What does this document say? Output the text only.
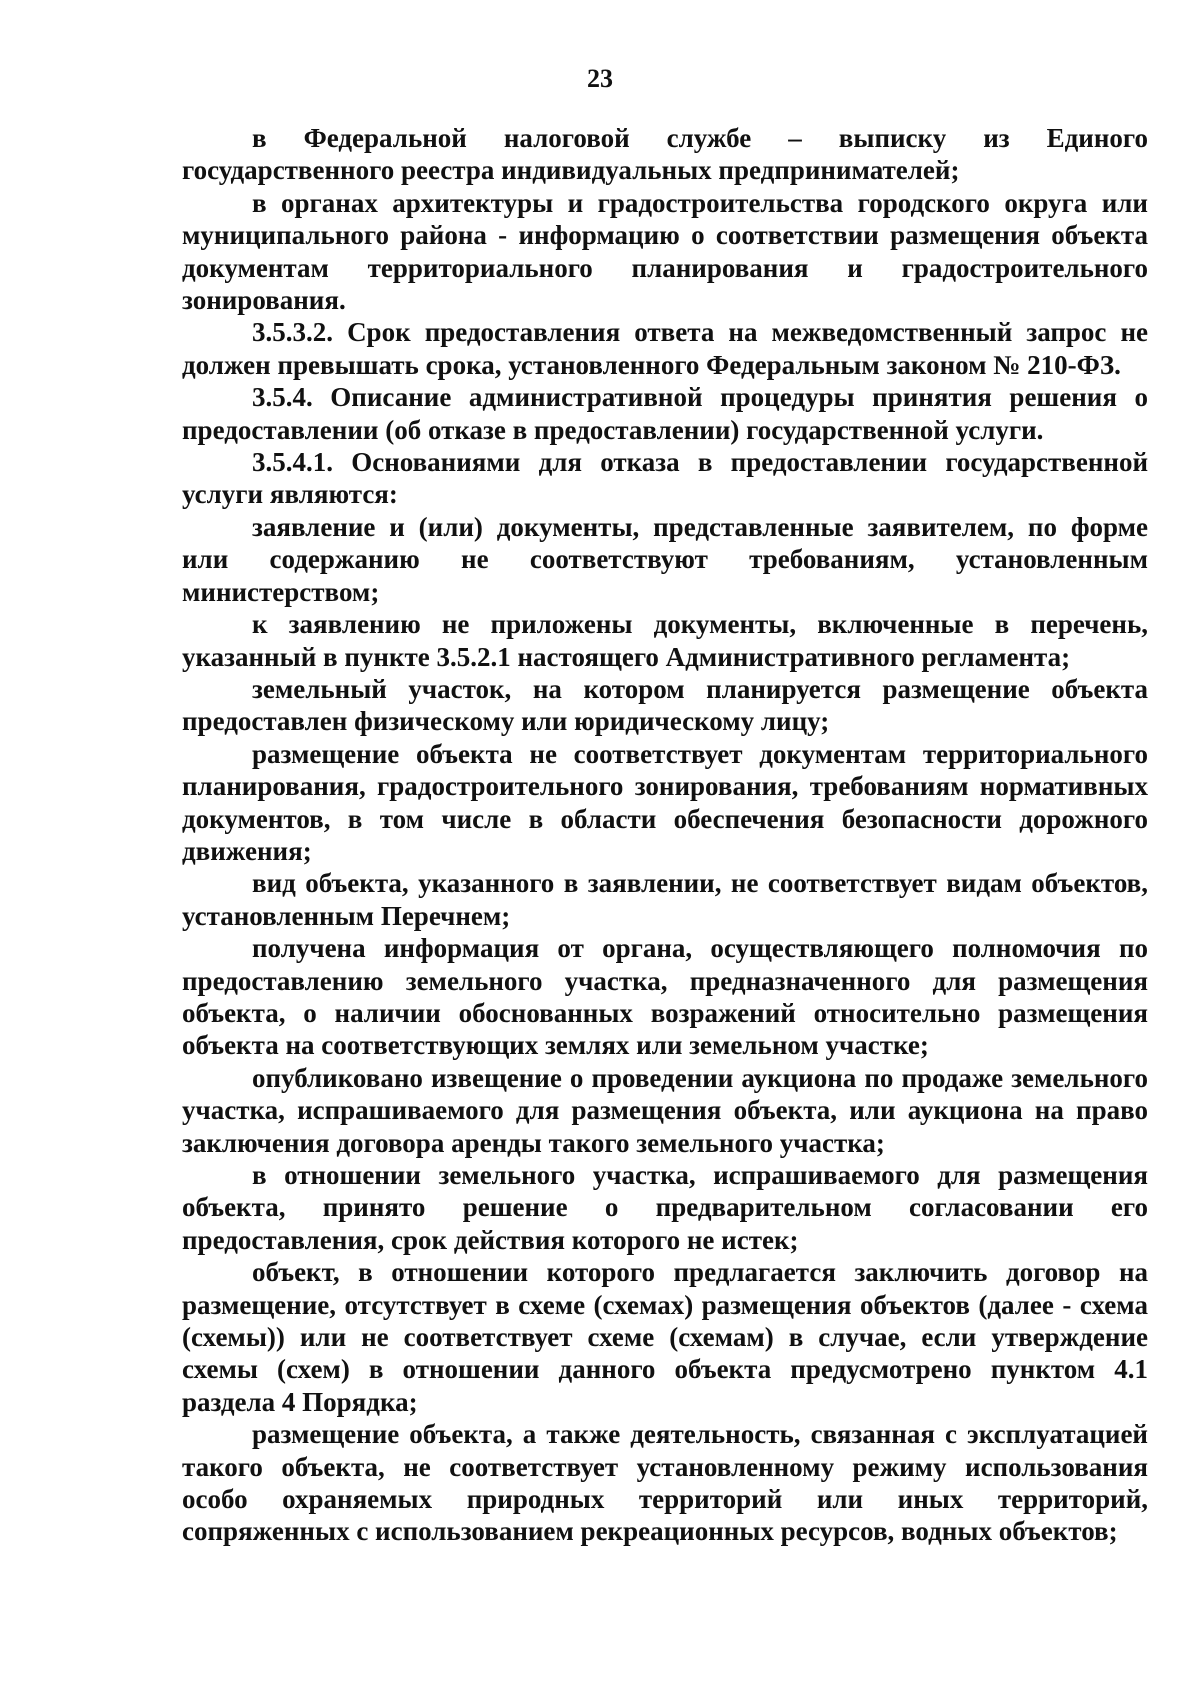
23

в Федеральной налоговой службе – выписку из Единого государственного реестра индивидуальных предпринимателей;

в органах архитектуры и градостроительства городского округа или муниципального района - информацию о соответствии размещения объекта документам территориального планирования и градостроительного зонирования.

3.5.3.2. Срок предоставления ответа на межведомственный запрос не должен превышать срока, установленного Федеральным законом № 210-ФЗ.

3.5.4. Описание административной процедуры принятия решения о предоставлении (об отказе в предоставлении) государственной услуги.

3.5.4.1. Основаниями для отказа в предоставлении государственной услуги являются:

заявление и (или) документы, представленные заявителем, по форме или содержанию не соответствуют требованиям, установленным министерством;

к заявлению не приложены документы, включенные в перечень, указанный в пункте 3.5.2.1 настоящего Административного регламента;

земельный участок, на котором планируется размещение объекта предоставлен физическому или юридическому лицу;

размещение объекта не соответствует документам территориального планирования, градостроительного зонирования, требованиям нормативных документов, в том числе в области обеспечения безопасности дорожного движения;

вид объекта, указанного в заявлении, не соответствует видам объектов, установленным Перечнем;

получена информация от органа, осуществляющего полномочия по предоставлению земельного участка, предназначенного для размещения объекта, о наличии обоснованных возражений относительно размещения объекта на соответствующих землях или земельном участке;

опубликовано извещение о проведении аукциона по продаже земельного участка, испрашиваемого для размещения объекта, или аукциона на право заключения договора аренды такого земельного участка;

в отношении земельного участка, испрашиваемого для размещения объекта, принято решение о предварительном согласовании его предоставления, срок действия которого не истек;

объект, в отношении которого предлагается заключить договор на размещение, отсутствует в схеме (схемах) размещения объектов (далее - схема (схемы)) или не соответствует схеме (схемам) в случае, если утверждение схемы (схем) в отношении данного объекта предусмотрено пунктом 4.1 раздела 4 Порядка;

размещение объекта, а также деятельность, связанная с эксплуатацией такого объекта, не соответствует установленному режиму использования особо охраняемых природных территорий или иных территорий, сопряженных с использованием рекреационных ресурсов, водных объектов;
